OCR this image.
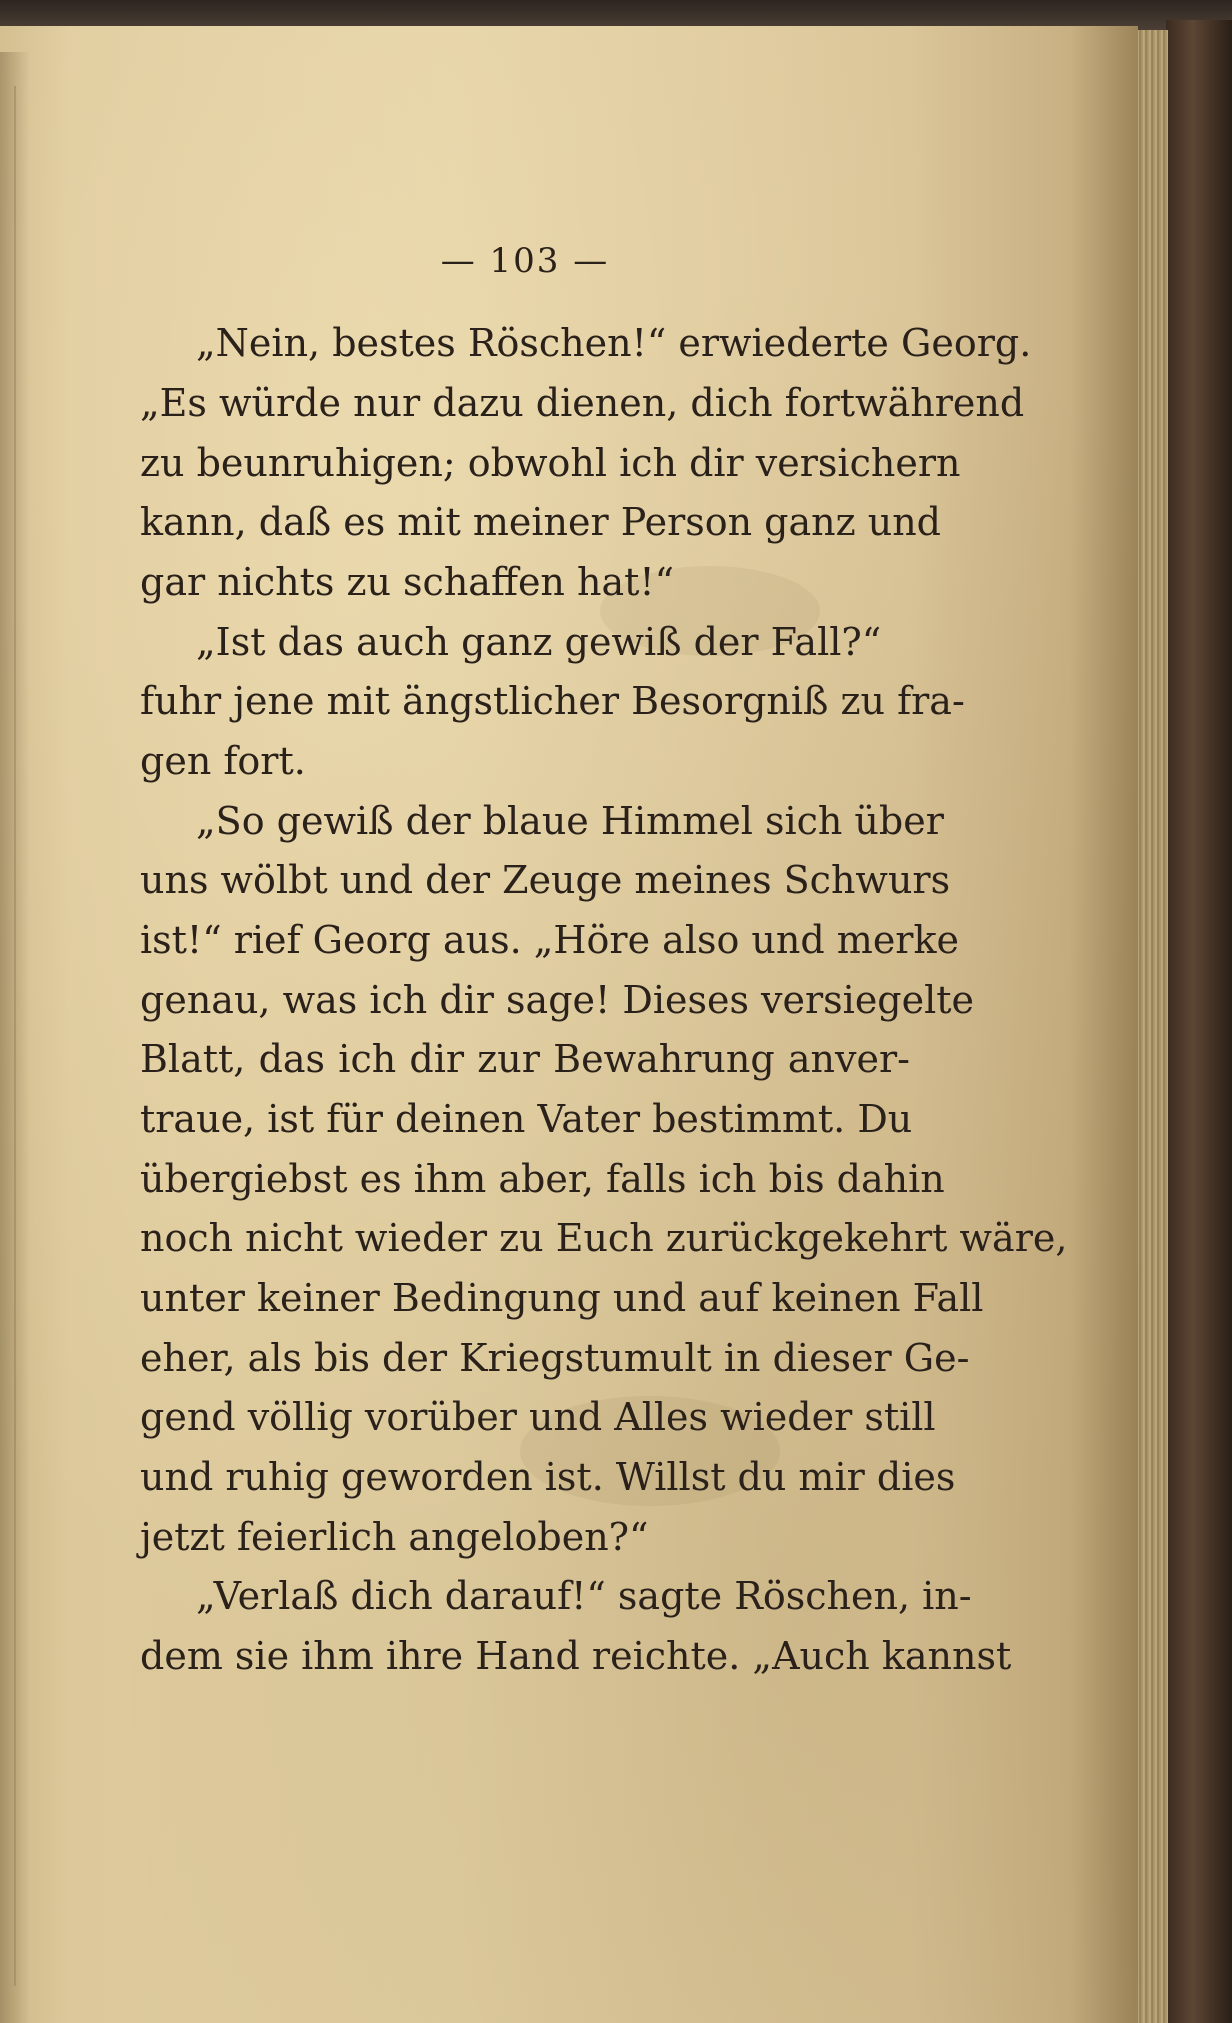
— 103 —
„Nein, bestes Röschen!“ erwiederte Georg.
„Es würde nur dazu dienen, dich fortwährend
zu beunruhigen; obwohl ich dir versichern
kann, daß es mit meiner Person ganz und
gar nichts zu schaffen hat!“
„Ist das auch ganz gewiß der Fall?“
fuhr jene mit ängstlicher Besorgniß zu fra-
gen fort.
„So gewiß der blaue Himmel sich über
uns wölbt und der Zeuge meines Schwurs
ist!“ rief Georg aus. „Höre also und merke
genau, was ich dir sage! Dieses versiegelte
Blatt, das ich dir zur Bewahrung anver-
traue, ist für deinen Vater bestimmt. Du
übergiebst es ihm aber, falls ich bis dahin
noch nicht wieder zu Euch zurückgekehrt wäre,
unter keiner Bedingung und auf keinen Fall
eher, als bis der Kriegstumult in dieser Ge-
gend völlig vorüber und Alles wieder still
und ruhig geworden ist. Willst du mir dies
jetzt feierlich angeloben?“
„Verlaß dich darauf!“ sagte Röschen, in-
dem sie ihm ihre Hand reichte. „Auch kannst
